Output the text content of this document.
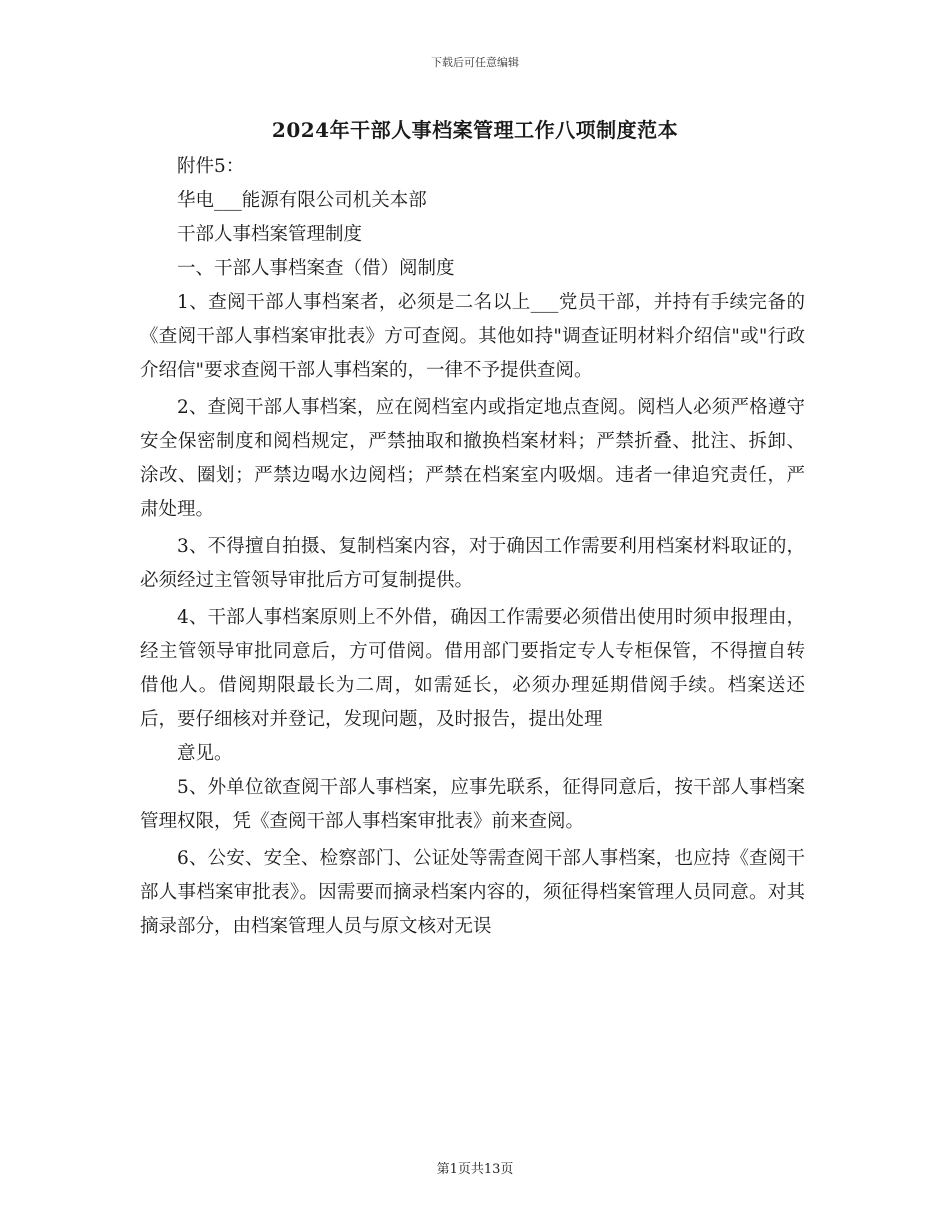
下载后可任意编辑
2024年干部人事档案管理工作八项制度范本

附件5：

华电___能源有限公司机关本部

干部人事档案管理制度

一、干部人事档案查（借）阅制度

1、查阅干部人事档案者，必须是二名以上___党员干部，并持有手续完备的《查阅干部人事档案审批表》方可查阅。其他如持"调查证明材料介绍信"或"行政介绍信"要求查阅干部人事档案的，一律不予提供查阅。

2、查阅干部人事档案，应在阅档室内或指定地点查阅。阅档人必须严格遵守安全保密制度和阅档规定，严禁抽取和撤换档案材料；严禁折叠、批注、拆卸、涂改、圈划；严禁边喝水边阅档；严禁在档案室内吸烟。违者一律追究责任，严肃处理。

3、不得擅自拍摄、复制档案内容，对于确因工作需要利用档案材料取证的，必须经过主管领导审批后方可复制提供。

4、干部人事档案原则上不外借，确因工作需要必须借出使用时须申报理由，经主管领导审批同意后，方可借阅。借用部门要指定专人专柜保管，不得擅自转借他人。借阅期限最长为二周，如需延长，必须办理延期借阅手续。档案送还后，要仔细核对并登记，发现问题，及时报告，提出处理

意见。

5、外单位欲查阅干部人事档案，应事先联系，征得同意后，按干部人事档案管理权限，凭《查阅干部人事档案审批表》前来查阅。

6、公安、安全、检察部门、公证处等需查阅干部人事档案，也应持《查阅干部人事档案审批表》。因需要而摘录档案内容的，须征得档案管理人员同意。对其摘录部分，由档案管理人员与原文核对无误

第1页共13页
